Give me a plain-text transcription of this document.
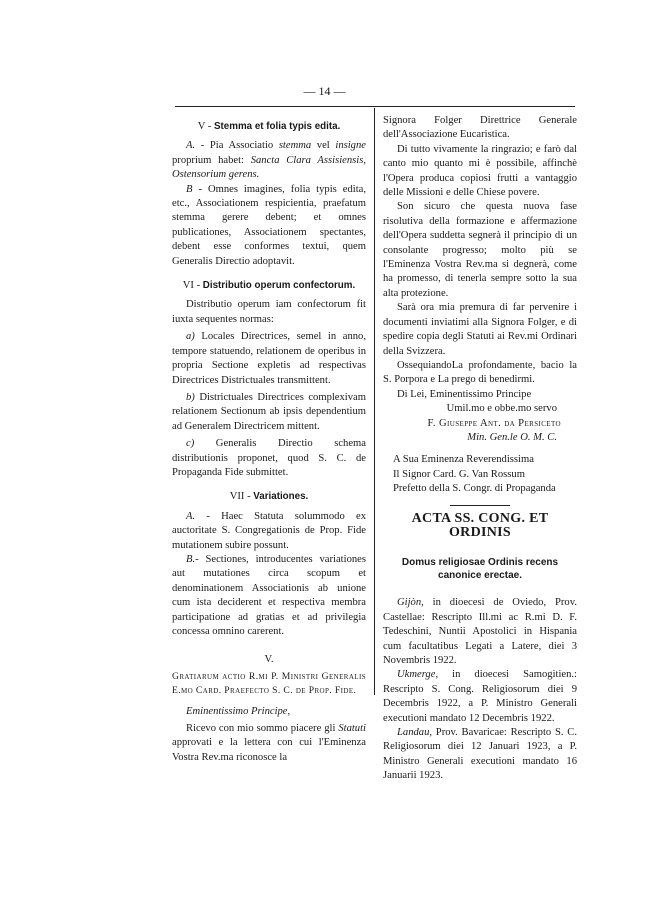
— 14 —
V - Stemma et folia typis edita.

A. - Pia Associatio stemma vel insigne proprium habet: Sancta Clara Assisiensis, Ostensorium gerens.

B - Omnes imagines, folia typis edita, etc., Associationem respicientia, praefatum stemma gerere debent; et omnes publicationes, Associationem spectantes, debent esse conformes textui, quem Generalis Directio adoptavit.

VI - Distributio operum confectorum.

Distributio operum iam confectorum fit iuxta sequentes normas:

a) Locales Directrices, semel in anno, tempore statuendo, relationem de operibus in propria Sectione expletis ad respectivas Directrices Districtuales transmittent.

b) Districtuales Directrices complexivam relationem Sectionum ab ipsis dependentium ad Generalem Directricem mittent.

c) Generalis Directio schema distributionis proponet, quod S. C. de Propaganda Fide submittet.

VII - Variationes.

A. - Haec Statuta solummodo ex auctoritate S. Congregationis de Prop. Fide mutationem subire possunt.

B.- Sectiones, introducentes variationes aut mutationes circa scopum et denominationem Associationis ab unione cum ista deciderent et respectiva membra participatione ad gratias et ad privilegia concessa omnino carerent.

V.

Gratiarum actio R.mi P. Ministri Generalis E.mo Card. Praefecto S. C. de Prop. Fide.

Eminentissimo Principe,

Ricevo con mio sommo piacere gli Statuti approvati e la lettera con cui l'Eminenza Vostra Rev.ma riconosce la

Signora Folger Direttrice Generale dell'Associazione Eucaristica.

Di tutto vivamente la ringrazio; e farò dal canto mio quanto mi è possibile, affinchè l'Opera produca copiosi frutti a vantaggio delle Missioni e delle Chiese povere.

Son sicuro che questa nuova fase risolutiva della formazione e affermazione dell'Opera suddetta segnerà il principio di un consolante progresso; molto più se l'Eminenza Vostra Rev.ma si degnerà, come ha promesso, di tenerla sempre sotto la sua alta protezione.

Sarà ora mia premura di far pervenire i documenti inviatimi alla Signora Folger, e di spedire copia degli Statuti ai Rev.mi Ordinari della Svizzera.

OssequiandoLa profondamente, bacio la S. Porpora e La prego di benedirmi.

Di Lei, Eminentissimo Principe

Umil.mo e obbe.mo servo

F. Giuseppe Ant. da Persiceto

Min. Gen.le O. M. C.

A Sua Eminenza Reverendissima

Il Signor Card. G. Van Rossum

Prefetto della S. Congr. di Propaganda

ACTA SS. CONG. ET ORDINIS
Domus religiosae Ordinis recens
canonice erectae.

Gijòn, in dioecesi de Oviedo, Prov. Castellae: Rescripto Ill.mi ac R.mi D. F. Tedeschini, Nuntii Apostolici in Hispania cum facultatibus Legati a Latere, diei 3 Novembris 1922.

Ukmerge, in dioecesi Samogitien.: Rescripto S. Cong. Religiosorum diei 9 Decembris 1922, a P. Ministro Generali executioni mandato 12 Decembris 1922.

Landau, Prov. Bavaricae: Rescripto S. C. Religiosorum diei 12 Januari 1923, a P. Ministro Generali executioni mandato 16 Januarii 1923.
